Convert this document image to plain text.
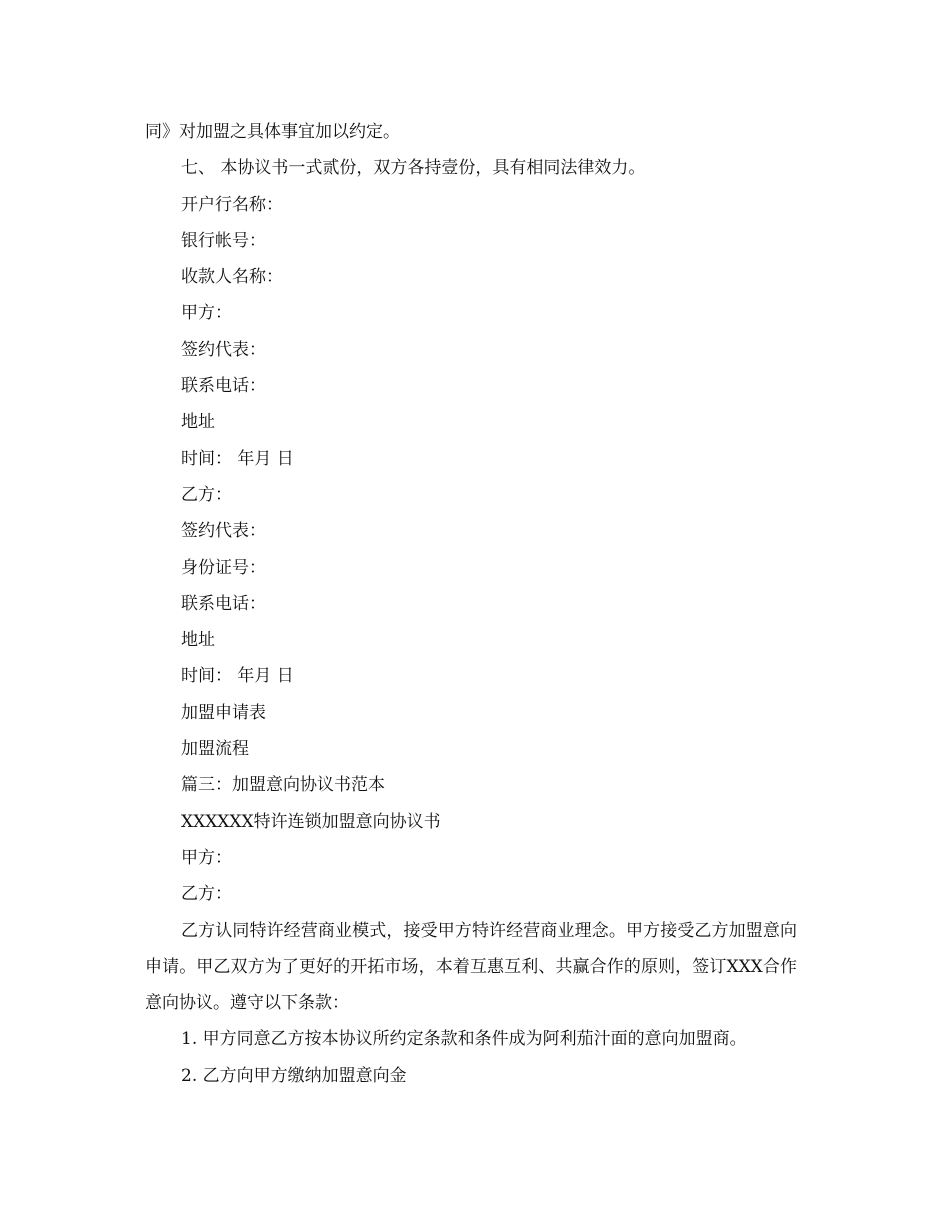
同》对加盟之具体事宜加以约定。
七、 本协议书一式贰份，双方各持壹份，具有相同法律效力。
开户行名称：
银行帐号：
收款人名称：
甲方：
签约代表：
联系电话：
地址
时间： 年月 日
乙方：
签约代表：
身份证号：
联系电话：
地址
时间： 年月 日
加盟申请表
加盟流程
篇三：加盟意向协议书范本
XXXXXX特许连锁加盟意向协议书
甲方：
乙方：
乙方认同特许经营商业模式，接受甲方特许经营商业理念。甲方接受乙方加盟意向申请。甲乙双方为了更好的开拓市场，本着互惠互利、共赢合作的原则，签订XXX合作意向协议。遵守以下条款：
1. 甲方同意乙方按本协议所约定条款和条件成为阿利茄汁面的意向加盟商。
2. 乙方向甲方缴纳加盟意向金
